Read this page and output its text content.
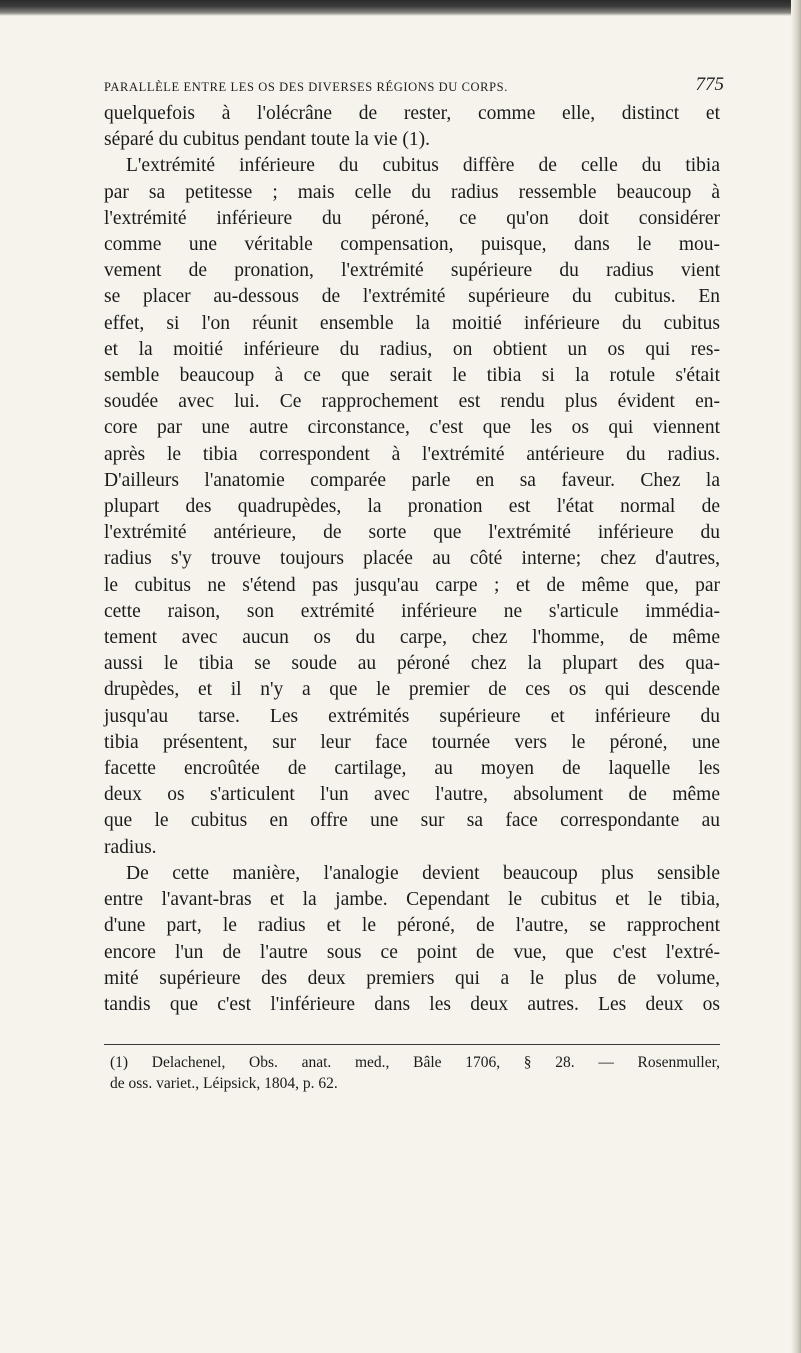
PARALLÈLE ENTRE LES OS DES DIVERSES RÉGIONS DU CORPS.	775
quelquefois à l'olécrâne de rester, comme elle, distinct et
séparé du cubitus pendant toute la vie (1).
L'extrémité inférieure du cubitus diffère de celle du tibia
par sa petitesse ; mais celle du radius ressemble beaucoup à
l'extrémité inférieure du péroné, ce qu'on doit considérer
comme une véritable compensation, puisque, dans le mou-
vement de pronation, l'extrémité supérieure du radius vient
se placer au-dessous de l'extrémité supérieure du cubitus. En
effet, si l'on réunit ensemble la moitié inférieure du cubitus
et la moitié inférieure du radius, on obtient un os qui res-
semble beaucoup à ce que serait le tibia si la rotule s'était
soudée avec lui. Ce rapprochement est rendu plus évident en-
core par une autre circonstance, c'est que les os qui viennent
après le tibia correspondent à l'extrémité antérieure du radius.
D'ailleurs l'anatomie comparée parle en sa faveur. Chez la
plupart des quadrupèdes, la pronation est l'état normal de
l'extrémité antérieure, de sorte que l'extrémité inférieure du
radius s'y trouve toujours placée au côté interne; chez d'autres,
le cubitus ne s'étend pas jusqu'au carpe ; et de même que, par
cette raison, son extrémité inférieure ne s'articule immédia-
tement avec aucun os du carpe, chez l'homme, de même
aussi le tibia se soude au péroné chez la plupart des qua-
drupèdes, et il n'y a que le premier de ces os qui descende
jusqu'au tarse. Les extrémités supérieure et inférieure du
tibia présentent, sur leur face tournée vers le péroné, une
facette encroûtée de cartilage, au moyen de laquelle les
deux os s'articulent l'un avec l'autre, absolument de même
que le cubitus en offre une sur sa face correspondante au
radius.
De cette manière, l'analogie devient beaucoup plus sensible
entre l'avant-bras et la jambe. Cependant le cubitus et le tibia,
d'une part, le radius et le péroné, de l'autre, se rapprochent
encore l'un de l'autre sous ce point de vue, que c'est l'extré-
mité supérieure des deux premiers qui a le plus de volume,
tandis que c'est l'inférieure dans les deux autres. Les deux os
(1) Delachenel, Obs. anat. med., Bâle 1706, § 28. — Rosenmuller,
de oss. variet., Léipsick, 1804, p. 62.
